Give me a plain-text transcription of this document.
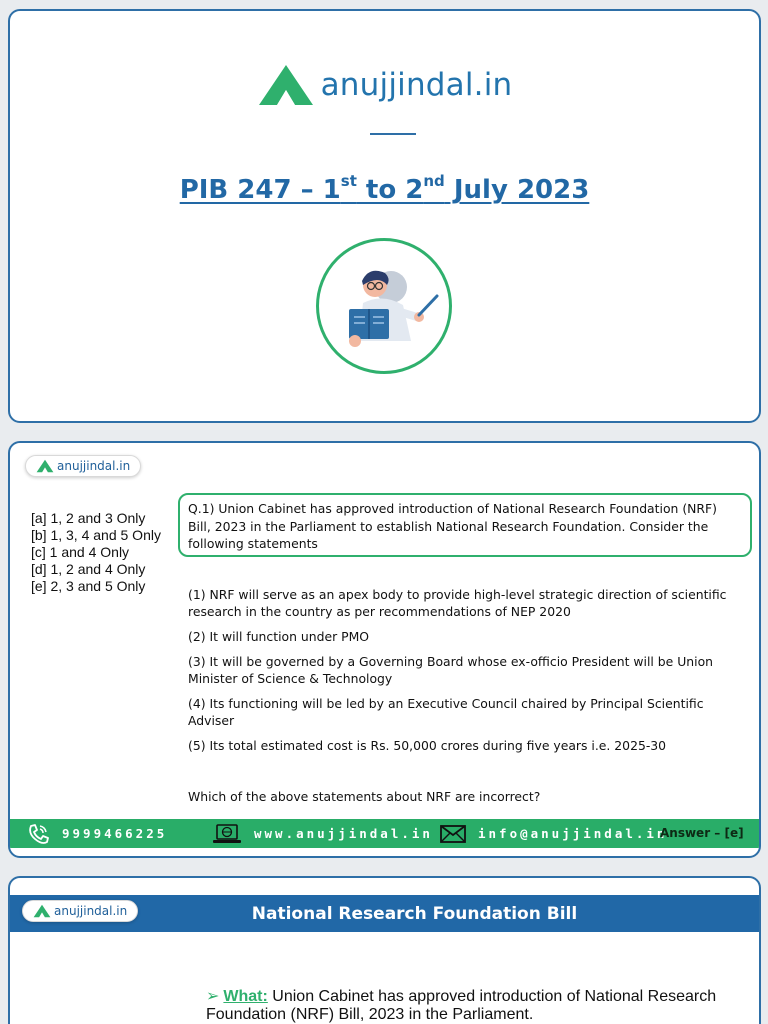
anujjindal.in
PIB 247 – 1st to 2nd July 2023
anujjindal.in
[a] 1, 2 and 3 Only
[b] 1, 3, 4 and 5 Only
[c] 1 and 4 Only
[d] 1, 2 and 4 Only
[e] 2, 3 and 5 Only
Q.1) Union Cabinet has approved introduction of National Research Foundation (NRF) Bill, 2023 in the Parliament to establish National Research Foundation. Consider the following statements

(1) NRF will serve as an apex body to provide high-level strategic direction of scientific research in the country as per recommendations of NEP 2020

(2) It will function under PMO

(3) It will be governed by a Governing Board whose ex-officio President will be Union Minister of Science & Technology

(4) Its functioning will be led by an Executive Council chaired by Principal Scientific Adviser

(5) Its total estimated cost is Rs. 50,000 crores during five years i.e. 2025-30

Which of the above statements about NRF are incorrect?
9999466225	www.anujjindal.in	info@anujjindal.in
Answer – [e]
National Research Foundation Bill
anujjindal.in
➢ What: Union Cabinet has approved introduction of National Research Foundation (NRF) Bill, 2023 in the Parliament.
